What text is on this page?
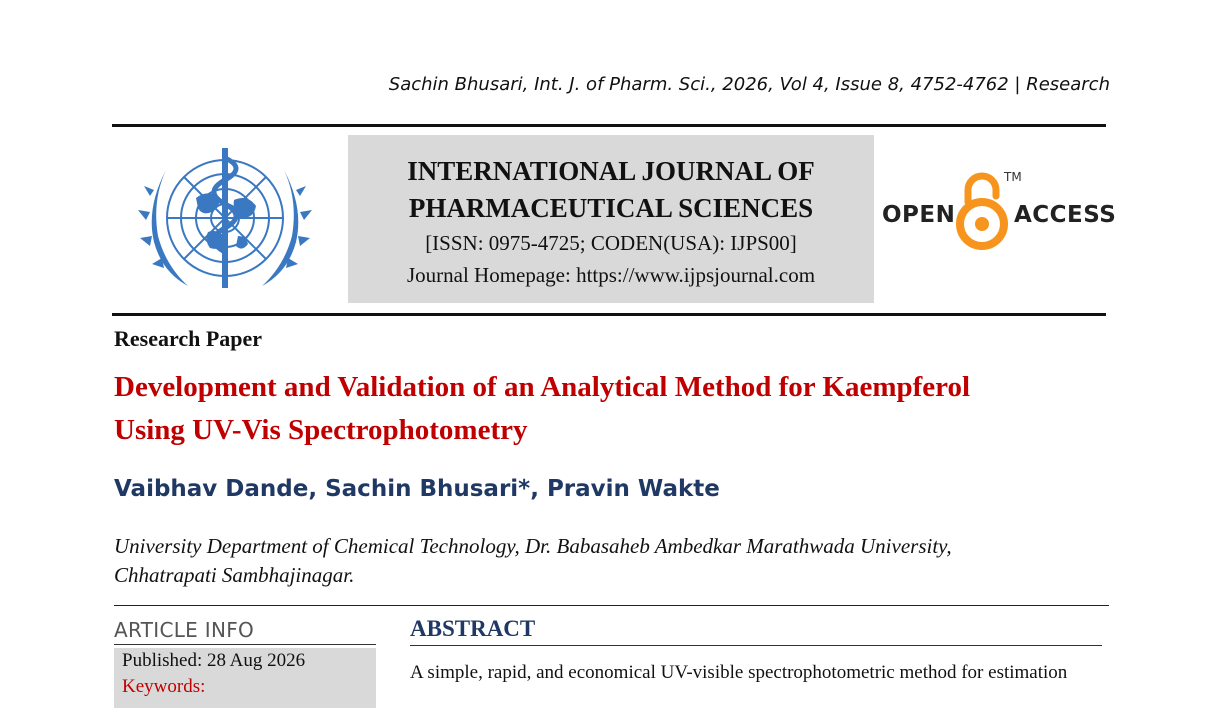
Sachin Bhusari, Int. J. of Pharm. Sci., 2026, Vol 4, Issue 8, 4752-4762 | Research
INTERNATIONAL JOURNAL OF
PHARMACEUTICAL SCIENCES
[ISSN: 0975-4725; CODEN(USA): IJPS00]
Journal Homepage: https://www.ijpsjournal.com
OPEN
TM
ACCESS
Research Paper
Development and Validation of an Analytical Method for Kaempferol
Using UV-Vis Spectrophotometry
Vaibhav Dande, Sachin Bhusari*, Pravin Wakte
University Department of Chemical Technology, Dr. Babasaheb Ambedkar Marathwada University,
Chhatrapati Sambhajinagar.
ARTICLE INFO
Published: 28 Aug 2026
Keywords:
ABSTRACT
A simple, rapid, and economical UV-visible spectrophotometric method for estimation
